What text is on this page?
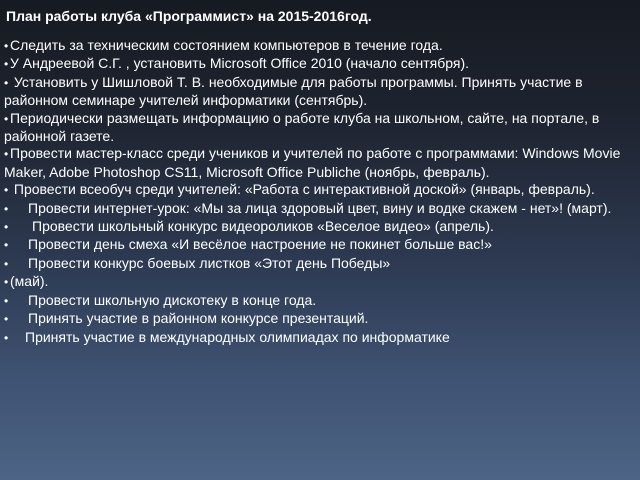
План работы клуба «Программист» на 2015-2016год.
• Следить за техническим состоянием компьютеров в течение года.
• У Андреевой С.Г. , установить Microsoft Office 2010 (начало сентября).
• Установить у Шишловой Т. В. необходимые для работы программы. Принять участие в районном семинаре учителей информатики (сентябрь).
• Периодически размещать информацию о работе клуба на школьном, сайте, на портале, в районной газете.
• Провести мастер-класс среди учеников и учителей по работе с программами: Windows Movie Maker, Adobe Photoshop CS11, Microsoft Office Publiche (ноябрь, февраль).
• Провести всеобуч среди учителей: «Работа с интерактивной доской» (январь, февраль).
• Провести интернет-урок: «Мы за лица здоровый цвет, вину и водке скажем - нет»! (март).
• Провести школьный конкурс видеороликов «Веселое видео» (апрель).
• Провести день смеха «И весёлое настроение не покинет больше вас!»
• Провести конкурс боевых листков «Этот день Победы»
• (май).
• Провести школьную дискотеку в конце года.
• Принять участие в районном конкурсе презентаций.
• Принять участие в международных олимпиадах по информатике
